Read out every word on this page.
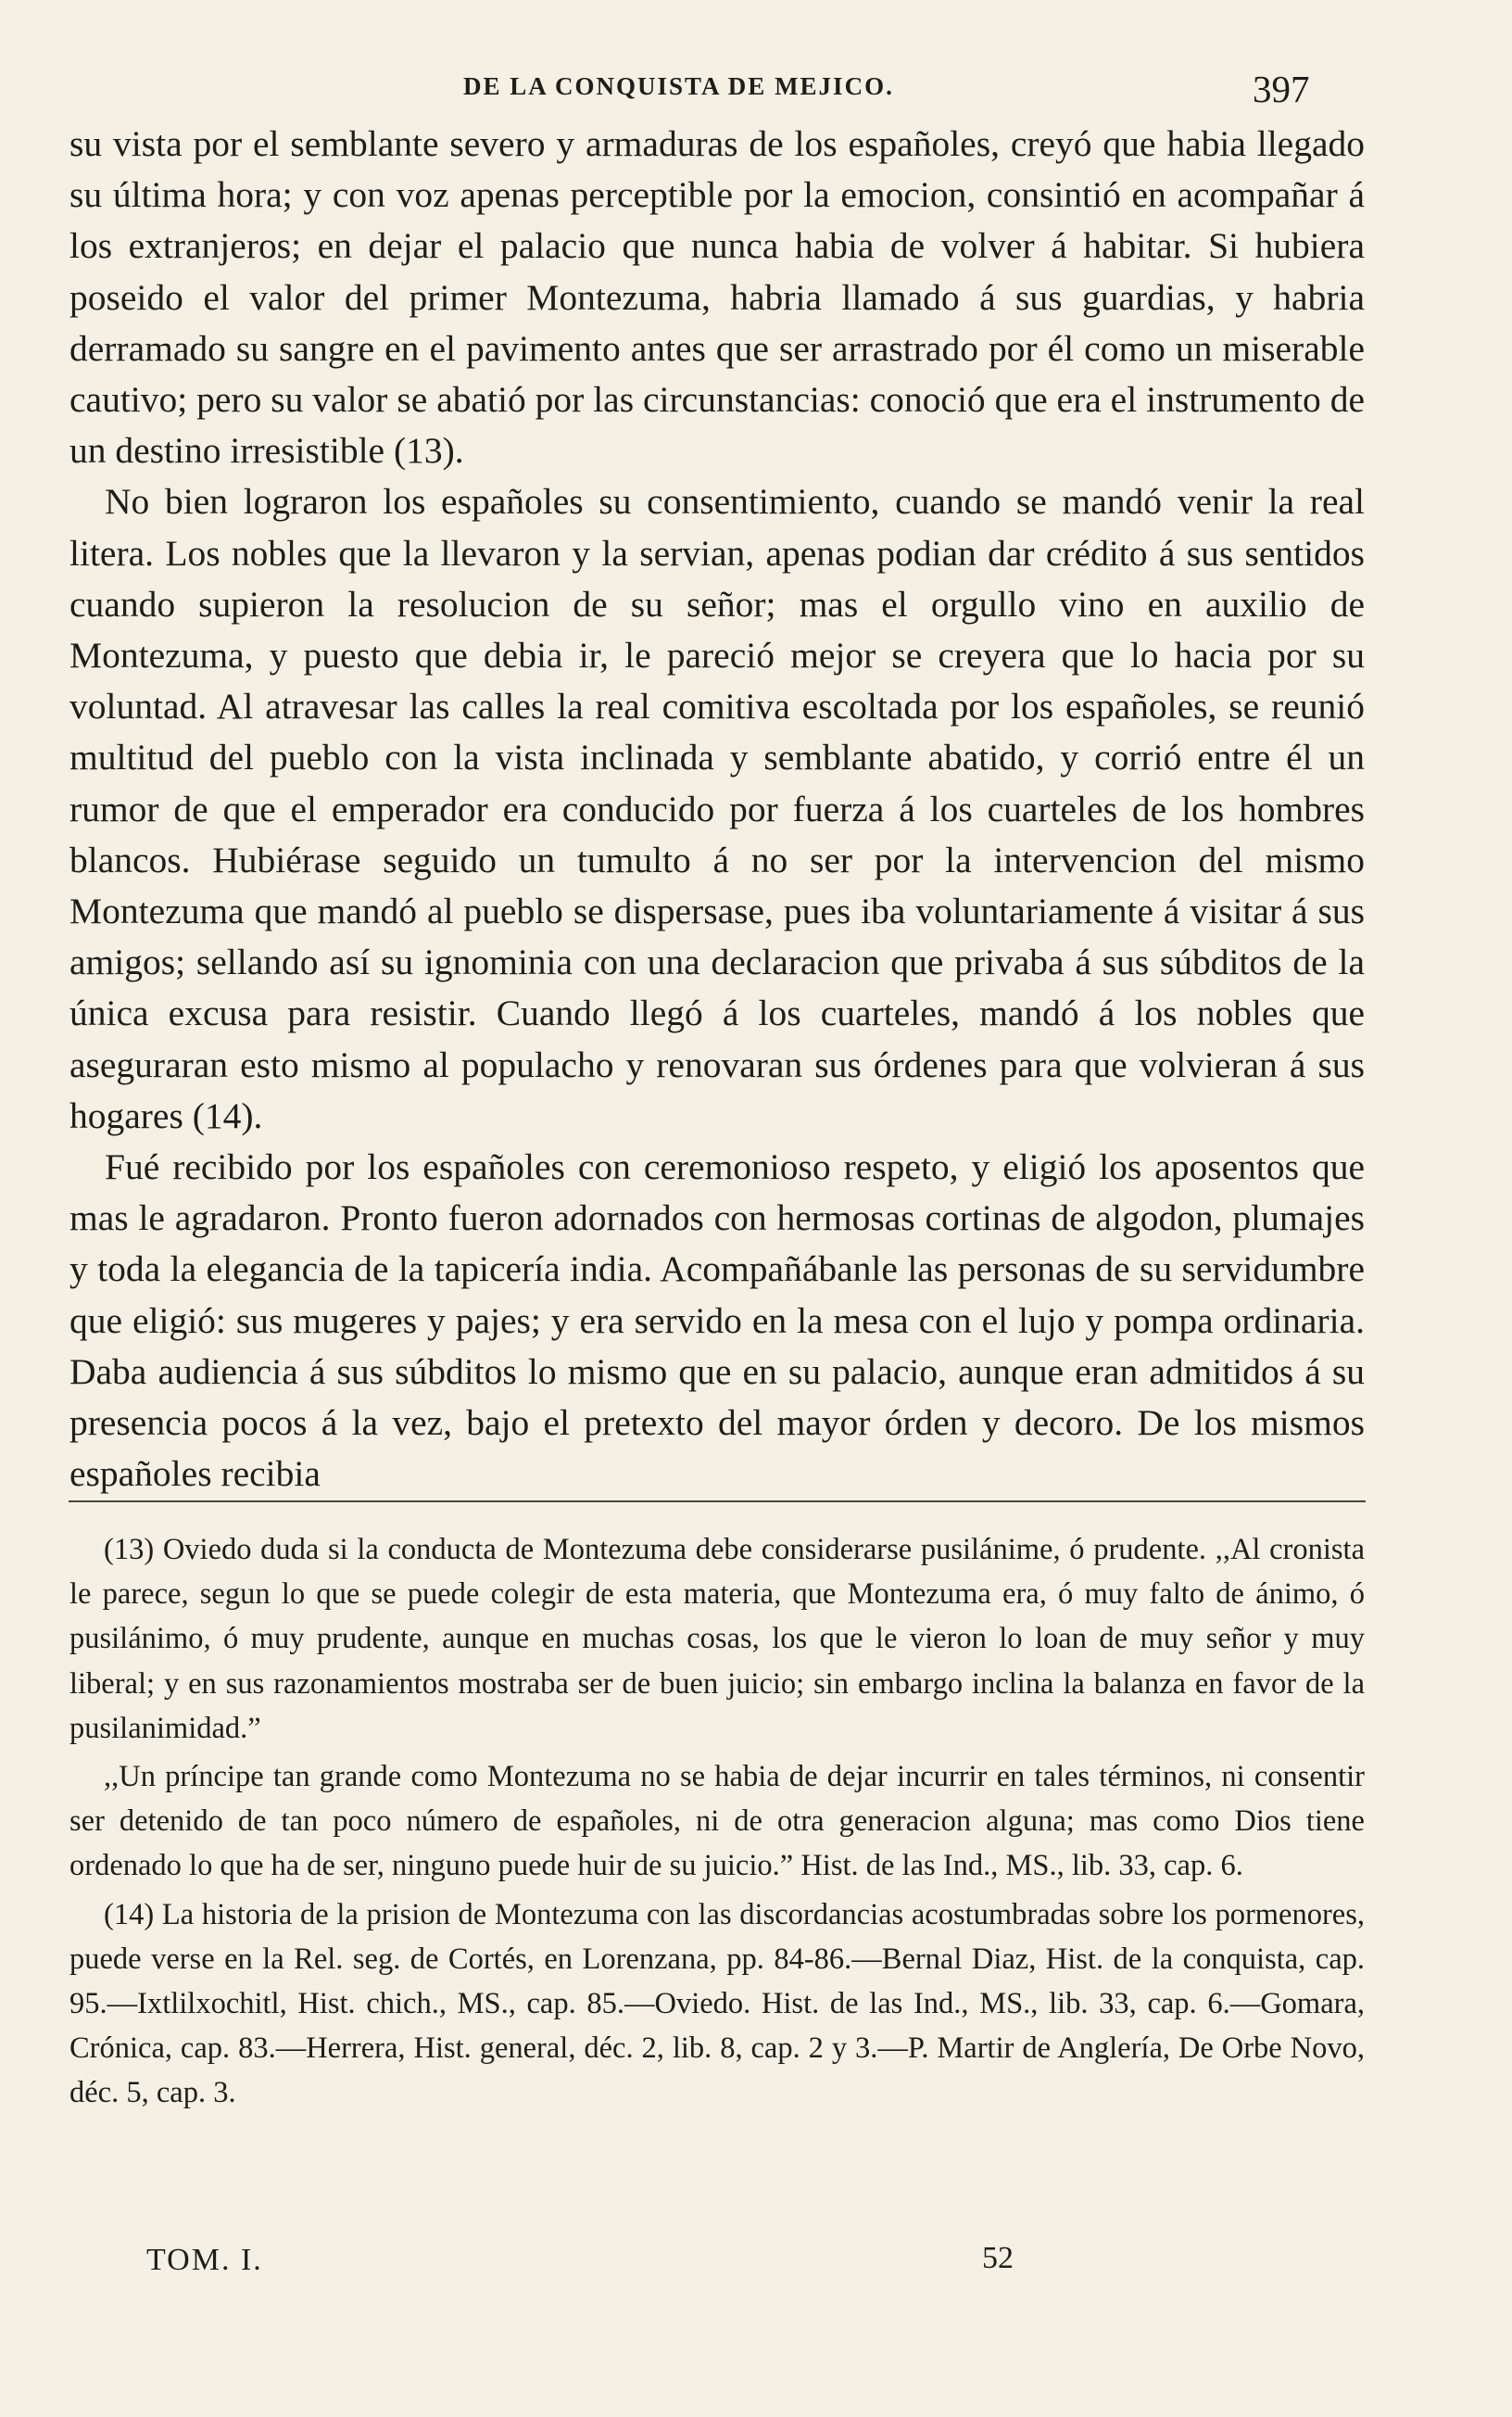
DE LA CONQUISTA DE MEJICO.	397

su vista por el semblante severo y armaduras de los españoles, creyó que habia llegado su última hora; y con voz apenas perceptible por la emocion, consintió en acompañar á los extranjeros; en dejar el palacio que nunca habia de volver á habitar. Si hubiera poseido el valor del primer Montezuma, habria llamado á sus guardias, y habria derramado su sangre en el pavimento antes que ser arrastrado por él como un miserable cautivo; pero su valor se abatió por las circunstancias: conoció que era el instrumento de un destino irresistible (13).

No bien lograron los españoles su consentimiento, cuando se mandó venir la real litera. Los nobles que la llevaron y la servian, apenas podian dar crédito á sus sentidos cuando supieron la resolucion de su señor; mas el orgullo vino en auxilio de Montezuma, y puesto que debia ir, le pareció mejor se creyera que lo hacia por su voluntad. Al atravesar las calles la real comitiva escoltada por los españoles, se reunió multitud del pueblo con la vista inclinada y semblante abatido, y corrió entre él un rumor de que el emperador era conducido por fuerza á los cuarteles de los hombres blancos. Hubiérase seguido un tumulto á no ser por la intervencion del mismo Montezuma que mandó al pueblo se dispersase, pues iba voluntariamente á visitar á sus amigos; sellando así su ignominia con una declaracion que privaba á sus súbditos de la única excusa para resistir. Cuando llegó á los cuarteles, mandó á los nobles que aseguraran esto mismo al populacho y renovaran sus órdenes para que volvieran á sus hogares (14).

Fué recibido por los españoles con ceremonioso respeto, y eligió los aposentos que mas le agradaron. Pronto fueron adornados con hermosas cortinas de algodon, plumajes y toda la elegancia de la tapicería india. Acompañábanle las personas de su servidumbre que eligió: sus mugeres y pajes; y era servido en la mesa con el lujo y pompa ordinaria. Daba audiencia á sus súbditos lo mismo que en su palacio, aunque eran admitidos á su presencia pocos á la vez, bajo el pretexto del mayor órden y decoro. De los mismos españoles recibia

(13) Oviedo duda si la conducta de Montezuma debe considerarse pusilánime, ó prudente. ,,Al cronista le parece, segun lo que se puede colegir de esta materia, que Montezuma era, ó muy falto de ánimo, ó pusilánimo, ó muy prudente, aunque en muchas cosas, los que le vieron lo loan de muy señor y muy liberal; y en sus razonamientos mostraba ser de buen juicio; sin embargo inclina la balanza en favor de la pusilanimidad.”

,,Un príncipe tan grande como Montezuma no se habia de dejar incurrir en tales términos, ni consentir ser detenido de tan poco número de españoles, ni de otra generacion alguna; mas como Dios tiene ordenado lo que ha de ser, ninguno puede huir de su juicio.” Hist. de las Ind., MS., lib. 33, cap. 6.

(14) La historia de la prision de Montezuma con las discordancias acostumbradas sobre los pormenores, puede verse en la Rel. seg. de Cortés, en Lorenzana, pp. 84-86.—Bernal Diaz, Hist. de la conquista, cap. 95.—Ixtlilxochitl, Hist. chich., MS., cap. 85.—Oviedo. Hist. de las Ind., MS., lib. 33, cap. 6.—Gomara, Crónica, cap. 83.—Herrera, Hist. general, déc. 2, lib. 8, cap. 2 y 3.—P. Martir de Anglería, De Orbe Novo, déc. 5, cap. 3.

TOM. I.	52
